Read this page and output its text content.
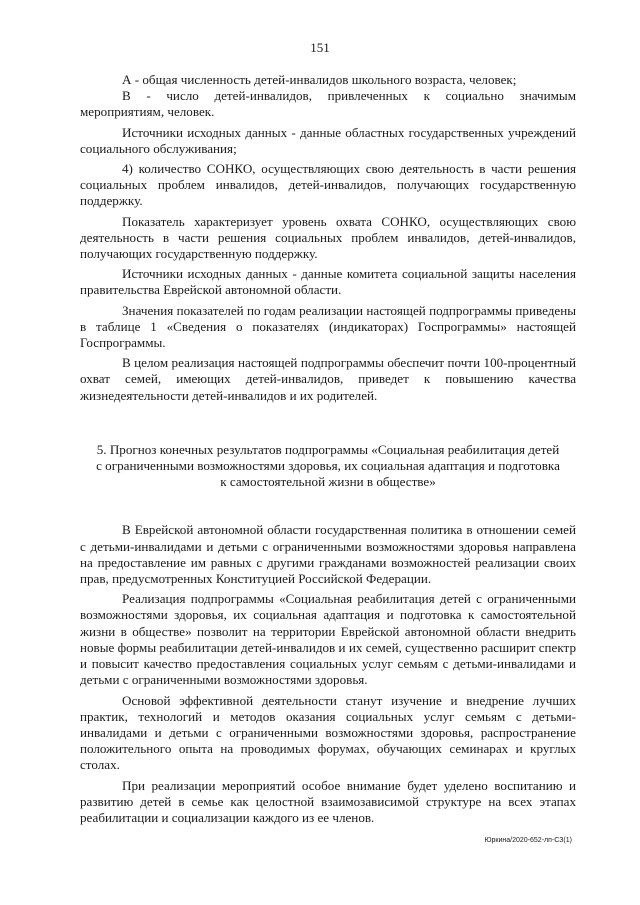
151

А - общая численность детей-инвалидов школьного возраста, человек;

В - число детей-инвалидов, привлеченных к социально значимым мероприятиям, человек.

Источники исходных данных - данные областных государственных учреждений социального обслуживания;

4) количество СОНКО, осуществляющих свою деятельность в части решения социальных проблем инвалидов, детей-инвалидов, получающих государственную поддержку.

Показатель характеризует уровень охвата СОНКО, осуществляющих свою деятельность в части решения социальных проблем инвалидов, детей-инвалидов, получающих государственную поддержку.

Источники исходных данных - данные комитета социальной защиты населения правительства Еврейской автономной области.

Значения показателей по годам реализации настоящей подпрограммы приведены в таблице 1 «Сведения о показателях (индикаторах) Госпрограммы» настоящей Госпрограммы.

В целом реализация настоящей подпрограммы обеспечит почти 100-процентный охват семей, имеющих детей-инвалидов, приведет к повышению качества жизнедеятельности детей-инвалидов и их родителей.

5. Прогноз конечных результатов подпрограммы «Социальная реабилитация детей с ограниченными возможностями здоровья, их социальная адаптация и подготовка к самостоятельной жизни в обществе»

В Еврейской автономной области государственная политика в отношении семей с детьми-инвалидами и детьми с ограниченными возможностями здоровья направлена на предоставление им равных с другими гражданами возможностей реализации своих прав, предусмотренных Конституцией Российской Федерации.

Реализация подпрограммы «Социальная реабилитация детей с ограниченными возможностями здоровья, их социальная адаптация и подготовка к самостоятельной жизни в обществе» позволит на территории Еврейской автономной области внедрить новые формы реабилитации детей-инвалидов и их семей, существенно расширит спектр и повысит качество предоставления социальных услуг семьям с детьми-инвалидами и детьми с ограниченными возможностями здоровья.

Основой эффективной деятельности станут изучение и внедрение лучших практик, технологий и методов оказания социальных услуг семьям с детьми-инвалидами и детьми с ограниченными возможностями здоровья, распространение положительного опыта на проводимых форумах, обучающих семинарах и круглых столах.

При реализации мероприятий особое внимание будет уделено воспитанию и развитию детей в семье как целостной взаимозависимой структуре на всех этапах реабилитации и социализации каждого из ее членов.

Юркина/2020-652-лп-СЗ(1)
